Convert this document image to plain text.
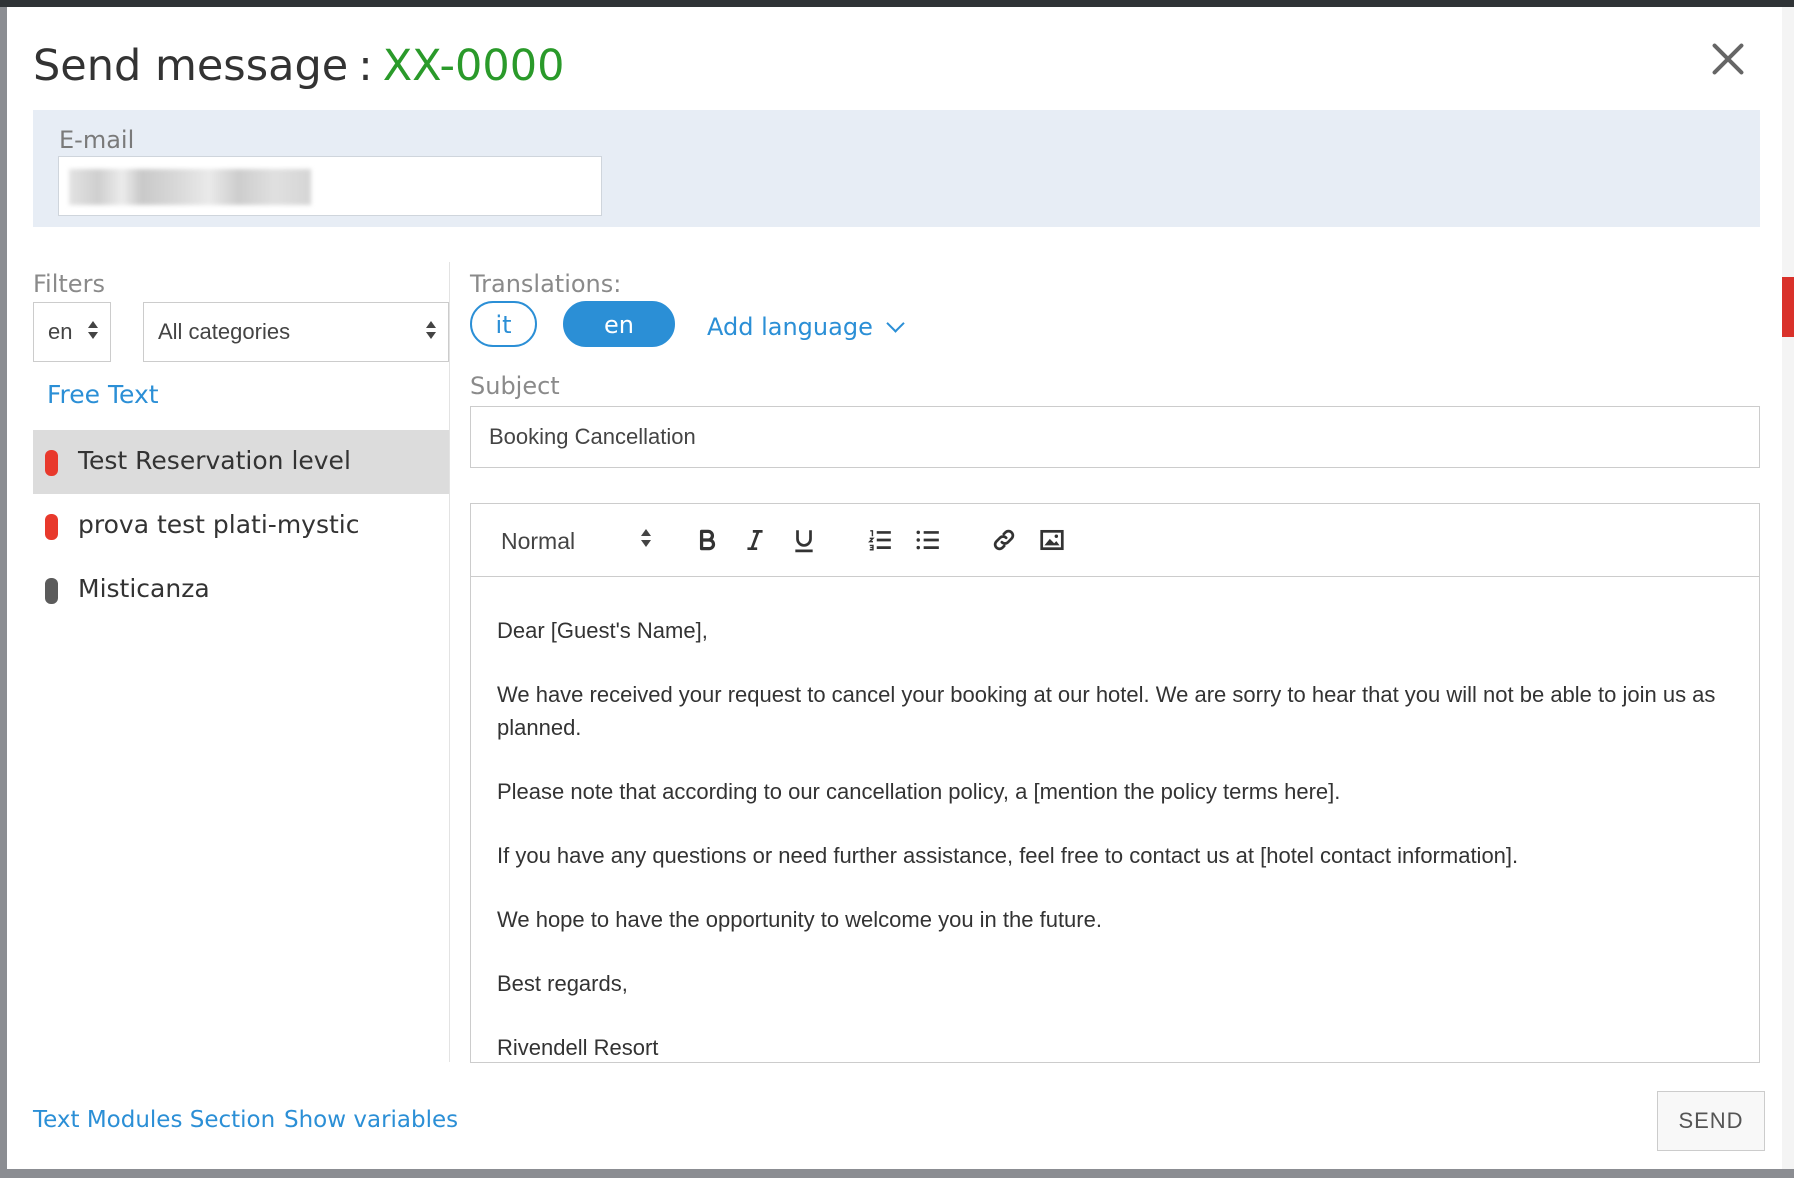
Send message : XX-0000
E-mail
Filters
en	All categories
Free Text
Test Reservation level
prova test plati-mystic
Misticanza
Translations:
it	en	Add language
Subject
Booking Cancellation
Normal

Dear [Guest's Name],

We have received your request to cancel your booking at our hotel. We are sorry to hear that you will not be able to join us as planned.

Please note that according to our cancellation policy, a [mention the policy terms here].

If you have any questions or need further assistance, feel free to contact us at [hotel contact information].

We hope to have the opportunity to welcome you in the future.

Best regards,

Rivendell Resort

Text Modules Section Show variables	SEND
